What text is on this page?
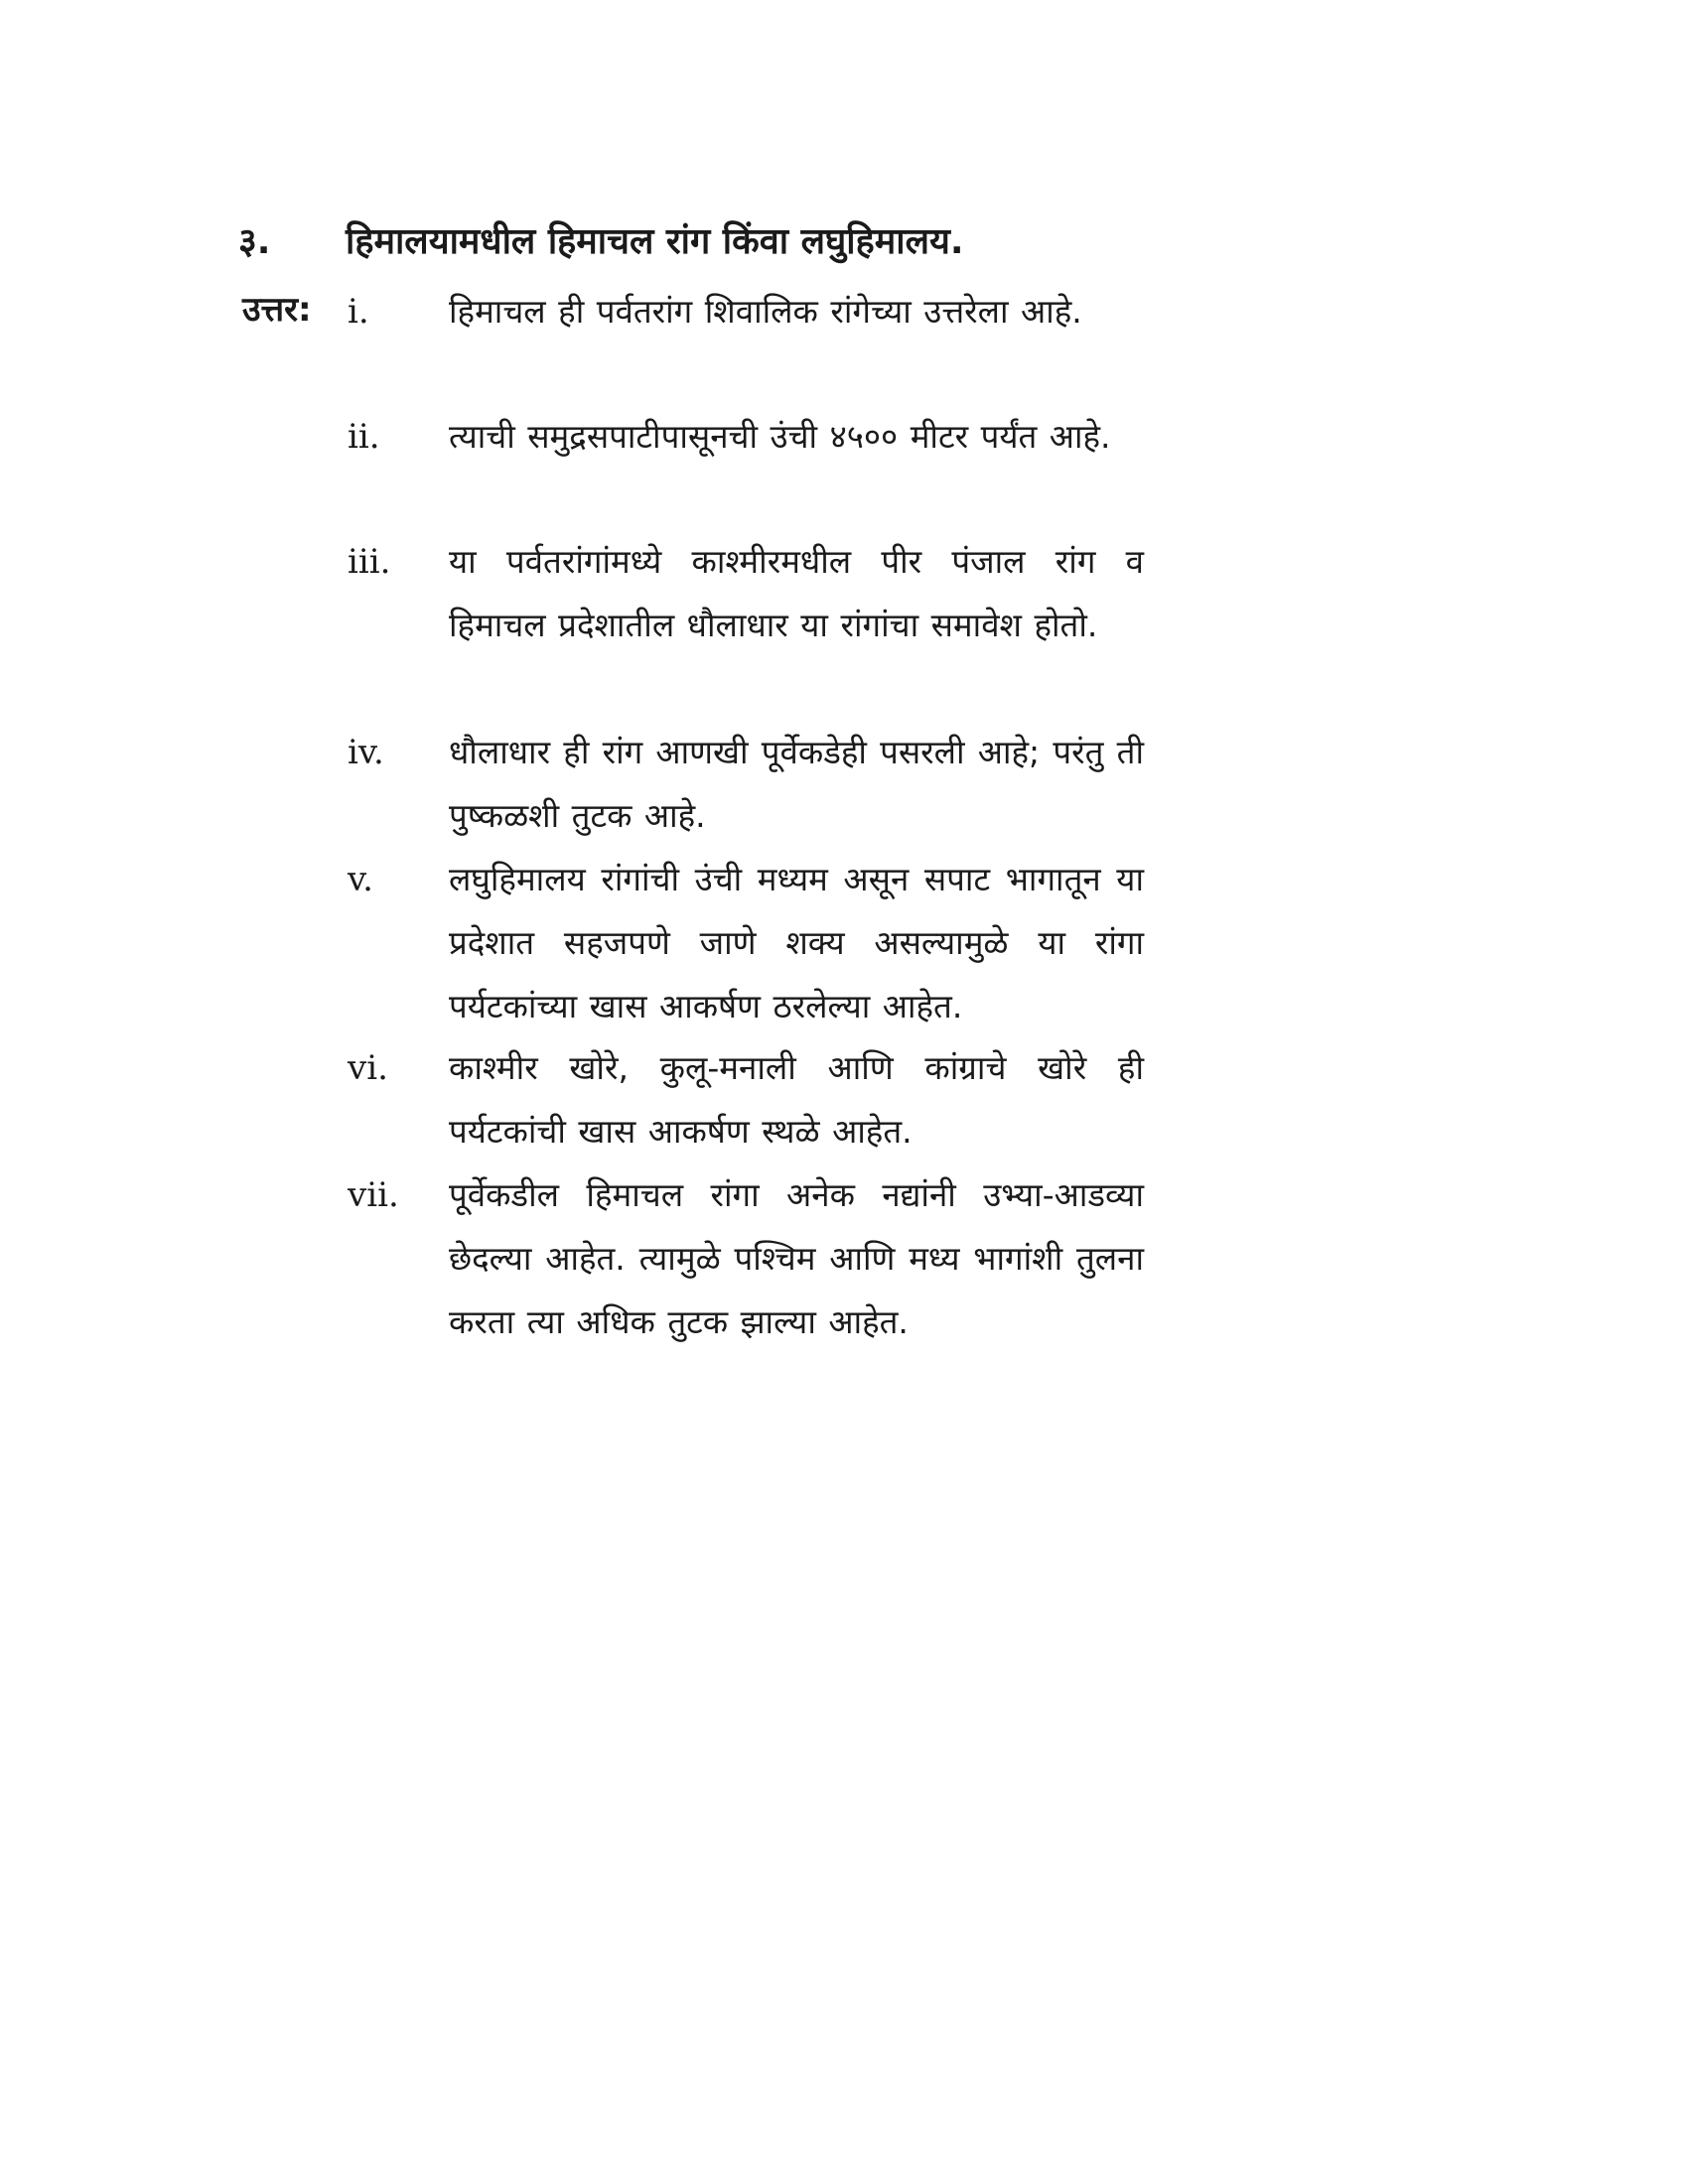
३.	हिमालयामधील हिमाचल रांग किंवा लघुहिमालय.
उत्तर: i.	हिमाचल ही पर्वतरांग शिवालिक रांगेच्या उत्तरेला आहे.
ii.	त्याची समुद्रसपाटीपासूनची उंची ४५०० मीटर पर्यंत आहे.
iii.	या पर्वतरांगांमध्ये काश्मीरमधील पीर पंजाल रांग व हिमाचल प्रदेशातील धौलाधार या रांगांचा समावेश होतो.
iv.	धौलाधार ही रांग आणखी पूर्वेकडेही पसरली आहे; परंतु ती पुष्कळशी तुटक आहे.
v.	लघुहिमालय रांगांची उंची मध्यम असून सपाट भागातून या प्रदेशात सहजपणे जाणे शक्य असल्यामुळे या रांगा पर्यटकांच्या खास आकर्षण ठरलेल्या आहेत.
vi.	काश्मीर खोरे, कुलू-मनाली आणि कांग्राचे खोरे ही पर्यटकांची खास आकर्षण स्थळे आहेत.
vii.	पूर्वेकडील हिमाचल रांगा अनेक नद्यांनी उभ्या-आडव्या छेदल्या आहेत. त्यामुळे पश्चिम आणि मध्य भागांशी तुलना करता त्या अधिक तुटक झाल्या आहेत.
